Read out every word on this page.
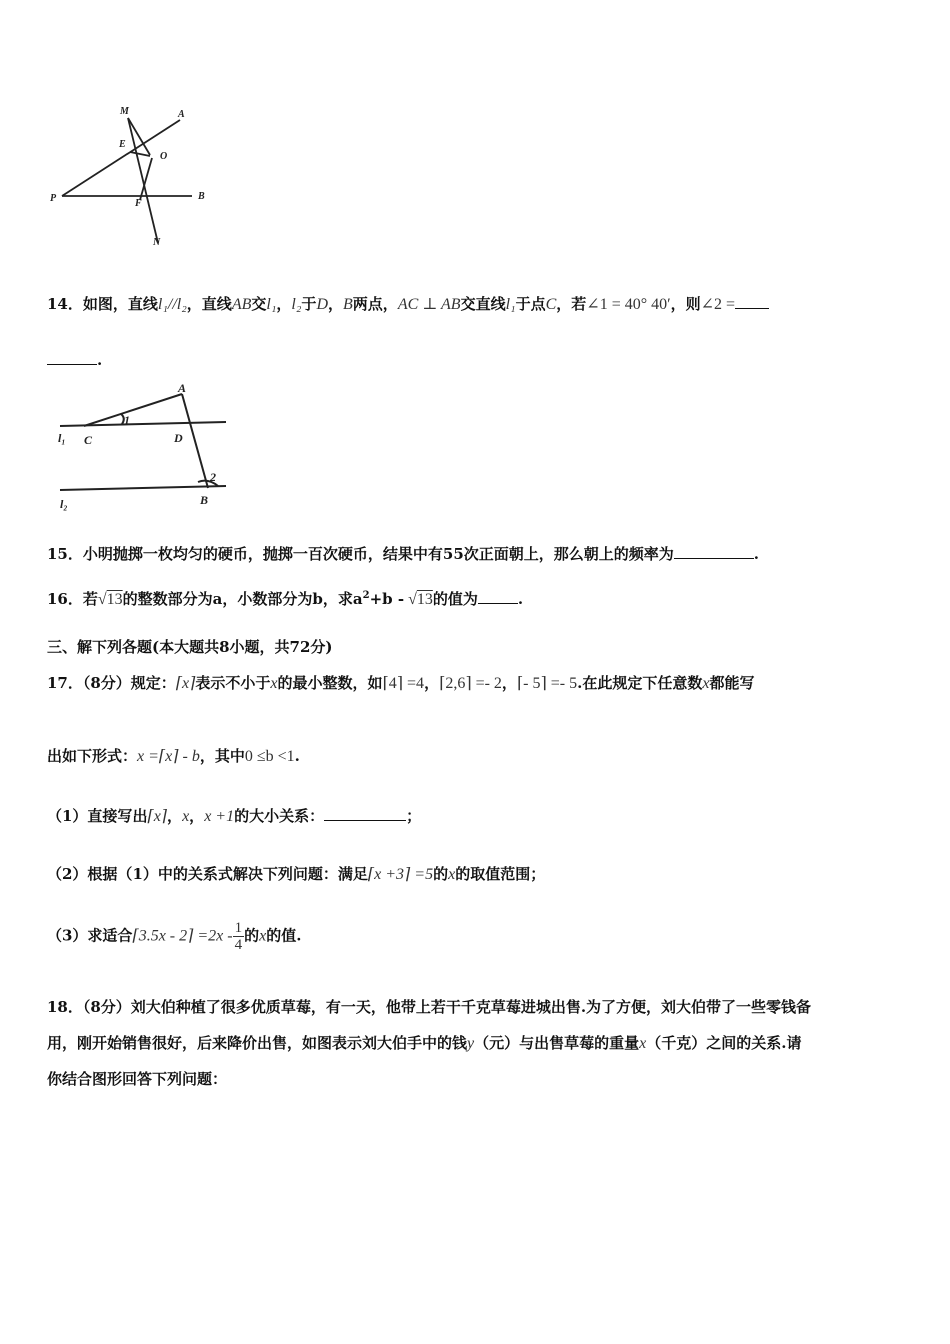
M	A
E
O
P	F
B
N
14．如图，直线l₁//l₂，直线AB交l₁，l₂于D，B两点，AC ⊥ AB交直线l₁于点C，若∠1 = 40° 40′，则∠2 =
.
A
l₁ C
1
D
2
l₂	B
15．小明抛掷一枚均匀的硬币，抛掷一百次硬币，结果中有55次正面朝上，那么朝上的频率为	.
16．若√13的整数部分为a，小数部分为b，求$a^2+b - √13$的值为	.
三、解下列各题(本大题共8小题，共72分)
17．（8分）规定：⌈x⌉表示不小于x的最小整数，如⌈4⌉ =4，⌈2,6⌉ =- 2，⌈- 5⌉ =- 5.在此规定下任意数x都能写
出如下形式：x =⌈x⌉ - b，其中0 ≤b <1.
（1）直接写出⌈x⌉，x，x +1的大小关系：	；
（2）根据（1）中的关系式解决下列问题：满足⌈x +3⌉ =5的x的取值范围；
（3）求适合⌈3.5x - 2⌉ $=2x - \frac{1}{4}$ 的x的值.
18．（8分）刘大伯种植了很多优质草莓，有一天，他带上若干千克草莓进城出售.为了方便，刘大伯带了一些零钱备
用，刚开始销售很好，后来降价出售，如图表示刘大伯手中的钱y（元）与出售草莓的重量x（千克）之间的关系.请
你结合图形回答下列问题：
